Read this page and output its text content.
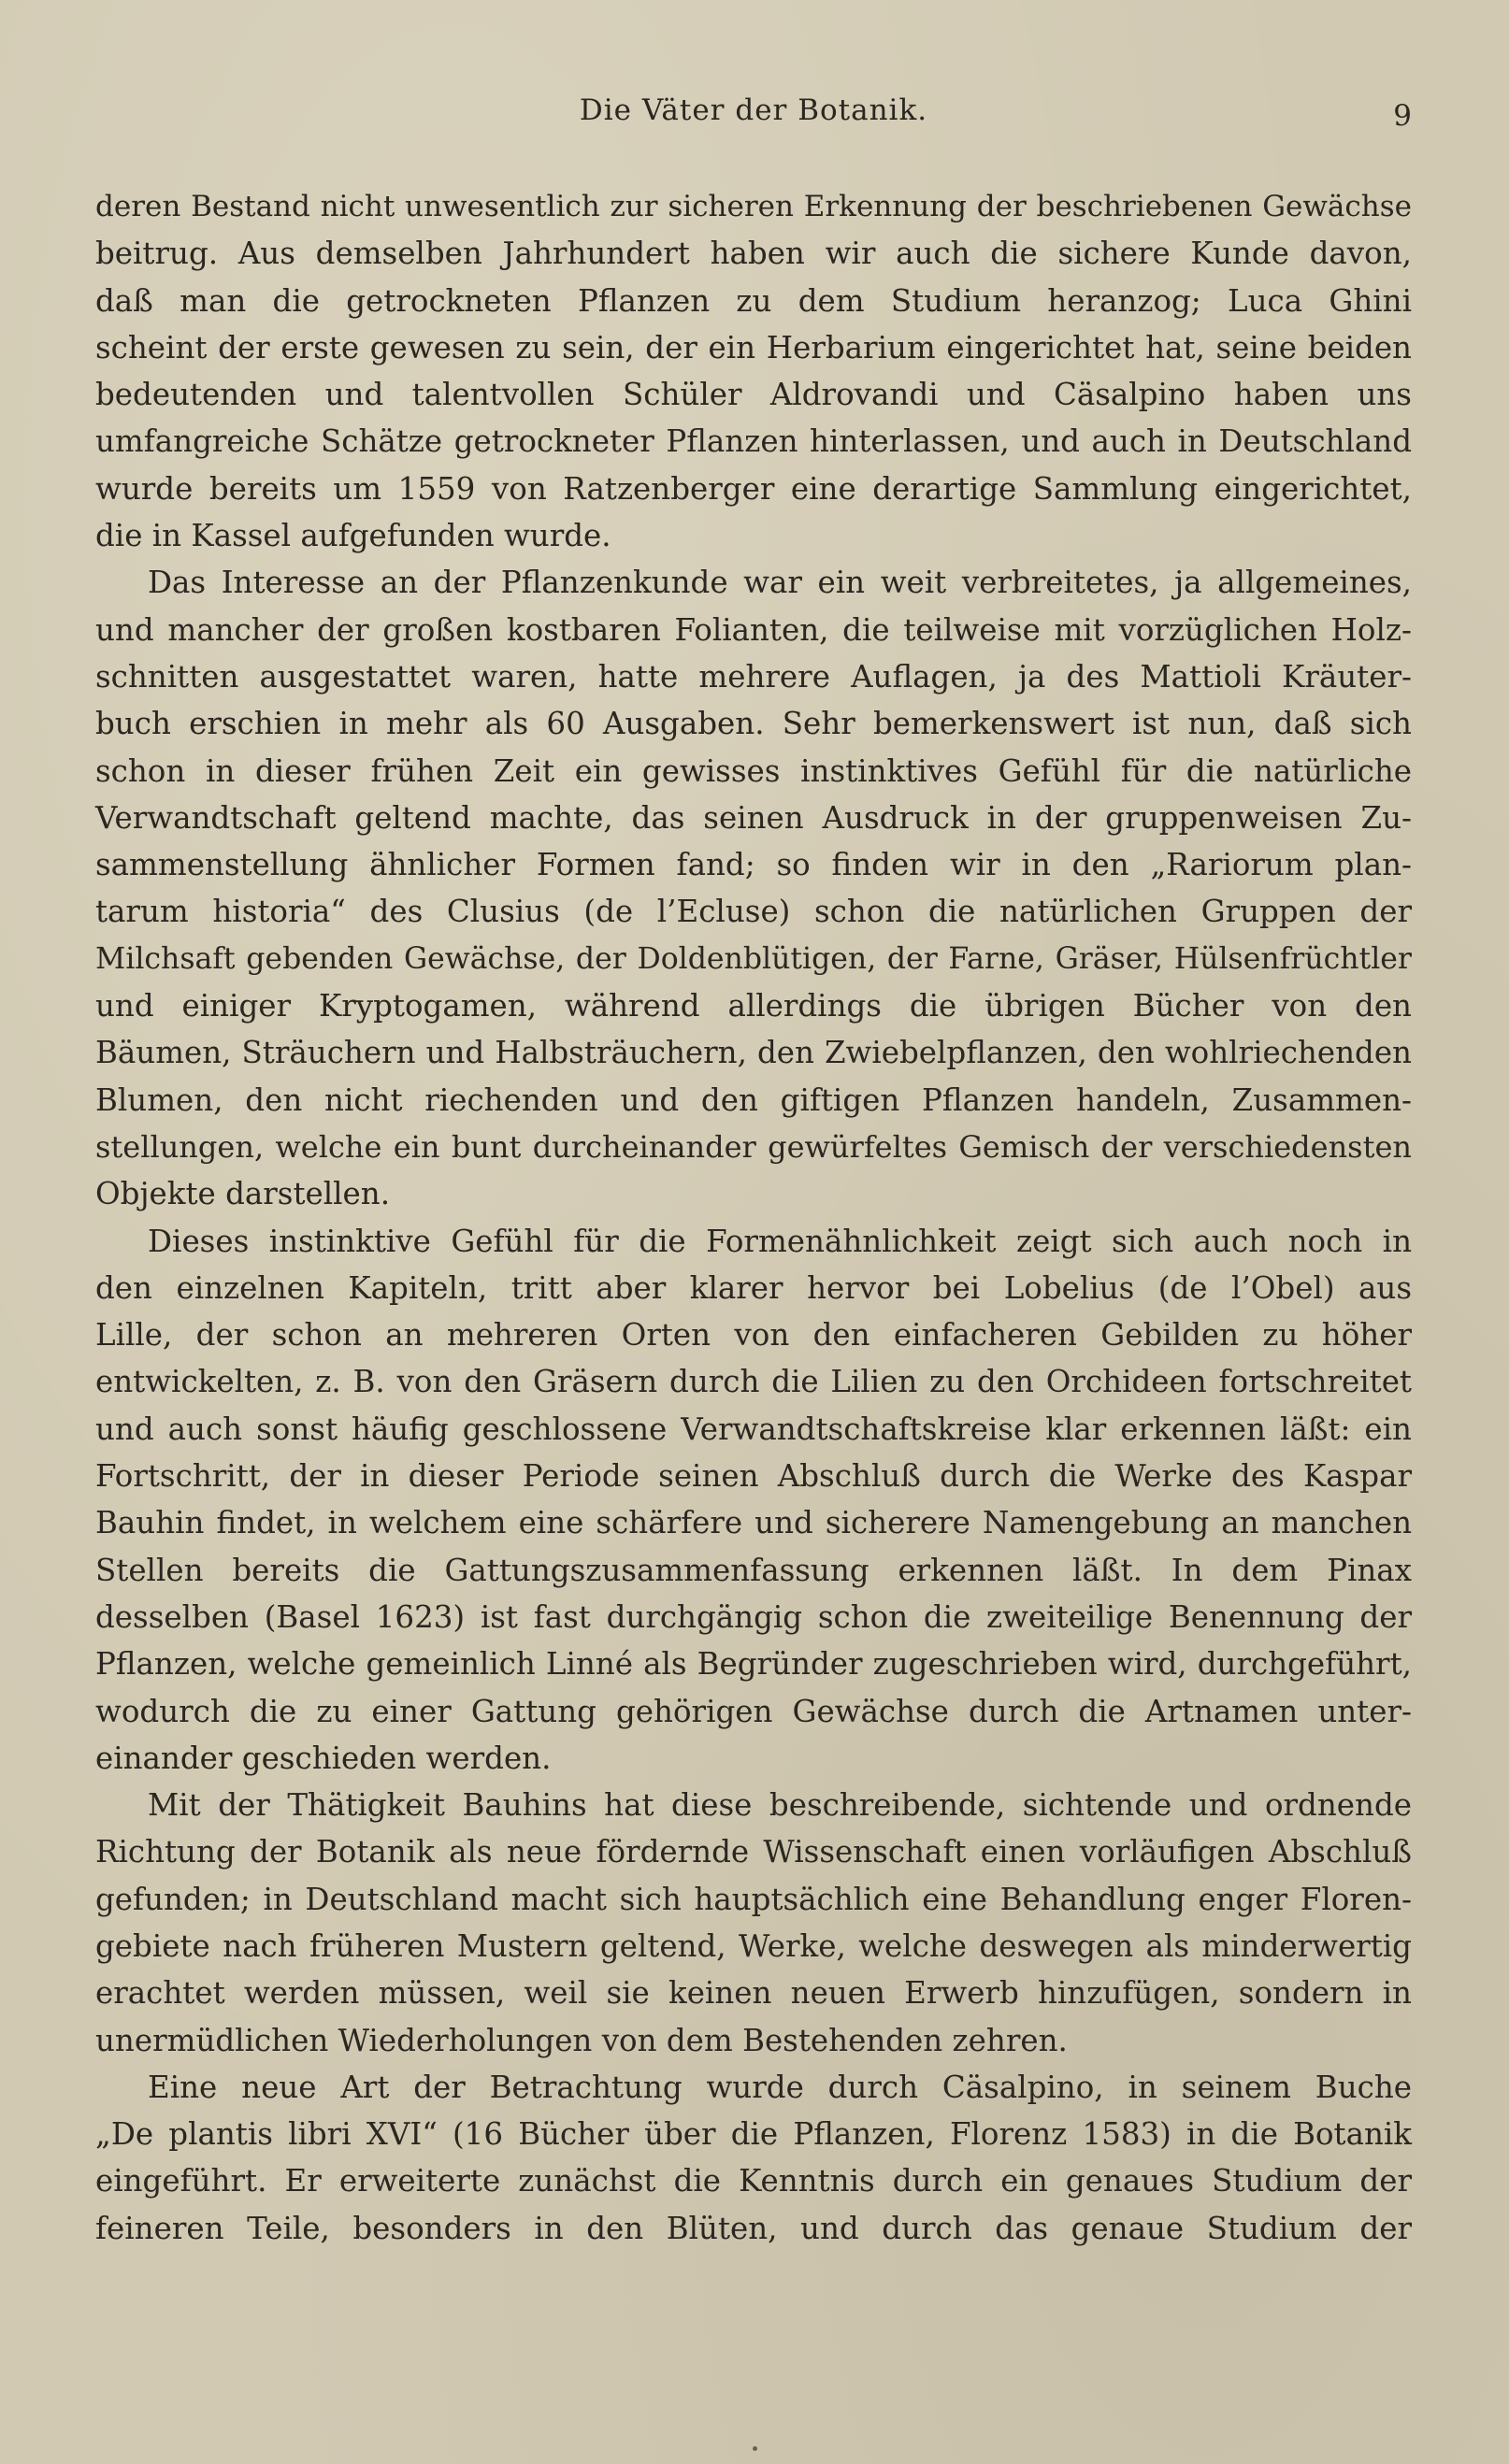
Die Väter der Botanik.	9
deren Bestand nicht unwesentlich zur sicheren Erkennung der beschriebenen Gewächse
beitrug. Aus demselben Jahrhundert haben wir auch die sichere Kunde davon,
daß man die getrockneten Pflanzen zu dem Studium heranzog; Luca Ghini
scheint der erste gewesen zu sein, der ein Herbarium eingerichtet hat, seine beiden
bedeutenden und talentvollen Schüler Aldrovandi und Cäsalpino haben uns
umfangreiche Schätze getrockneter Pflanzen hinterlassen, und auch in Deutschland
wurde bereits um 1559 von Ratzenberger eine derartige Sammlung eingerichtet,
die in Kassel aufgefunden wurde.
Das Interesse an der Pflanzenkunde war ein weit verbreitetes, ja allgemeines,
und mancher der großen kostbaren Folianten, die teilweise mit vorzüglichen Holz-
schnitten ausgestattet waren, hatte mehrere Auflagen, ja des Mattioli Kräuter-
buch erschien in mehr als 60 Ausgaben. Sehr bemerkenswert ist nun, daß sich
schon in dieser frühen Zeit ein gewisses instinktives Gefühl für die natürliche
Verwandtschaft geltend machte, das seinen Ausdruck in der gruppenweisen Zu-
sammenstellung ähnlicher Formen fand; so finden wir in den „Rariorum plan-
tarum historia“ des Clusius (de l’Ecluse) schon die natürlichen Gruppen der
Milchsaft gebenden Gewächse, der Doldenblütigen, der Farne, Gräser, Hülsenfrüchtler
und einiger Kryptogamen, während allerdings die übrigen Bücher von den
Bäumen, Sträuchern und Halbsträuchern, den Zwiebelpflanzen, den wohlriechenden
Blumen, den nicht riechenden und den giftigen Pflanzen handeln, Zusammen-
stellungen, welche ein bunt durcheinander gewürfeltes Gemisch der verschiedensten
Objekte darstellen.
Dieses instinktive Gefühl für die Formenähnlichkeit zeigt sich auch noch in
den einzelnen Kapiteln, tritt aber klarer hervor bei Lobelius (de l’Obel) aus
Lille, der schon an mehreren Orten von den einfacheren Gebilden zu höher
entwickelten, z. B. von den Gräsern durch die Lilien zu den Orchideen fortschreitet
und auch sonst häufig geschlossene Verwandtschaftskreise klar erkennen läßt: ein
Fortschritt, der in dieser Periode seinen Abschluß durch die Werke des Kaspar
Bauhin findet, in welchem eine schärfere und sicherere Namengebung an manchen
Stellen bereits die Gattungszusammenfassung erkennen läßt. In dem Pinax
desselben (Basel 1623) ist fast durchgängig schon die zweiteilige Benennung der
Pflanzen, welche gemeinlich Linné als Begründer zugeschrieben wird, durchgeführt,
wodurch die zu einer Gattung gehörigen Gewächse durch die Artnamen unter-
einander geschieden werden.
Mit der Thätigkeit Bauhins hat diese beschreibende, sichtende und ordnende
Richtung der Botanik als neue fördernde Wissenschaft einen vorläufigen Abschluß
gefunden; in Deutschland macht sich hauptsächlich eine Behandlung enger Floren-
gebiete nach früheren Mustern geltend, Werke, welche deswegen als minderwertig
erachtet werden müssen, weil sie keinen neuen Erwerb hinzufügen, sondern in
unermüdlichen Wiederholungen von dem Bestehenden zehren.
Eine neue Art der Betrachtung wurde durch Cäsalpino, in seinem Buche
„De plantis libri XVI“ (16 Bücher über die Pflanzen, Florenz 1583) in die Botanik
eingeführt. Er erweiterte zunächst die Kenntnis durch ein genaues Studium der
feineren Teile, besonders in den Blüten, und durch das genaue Studium der
